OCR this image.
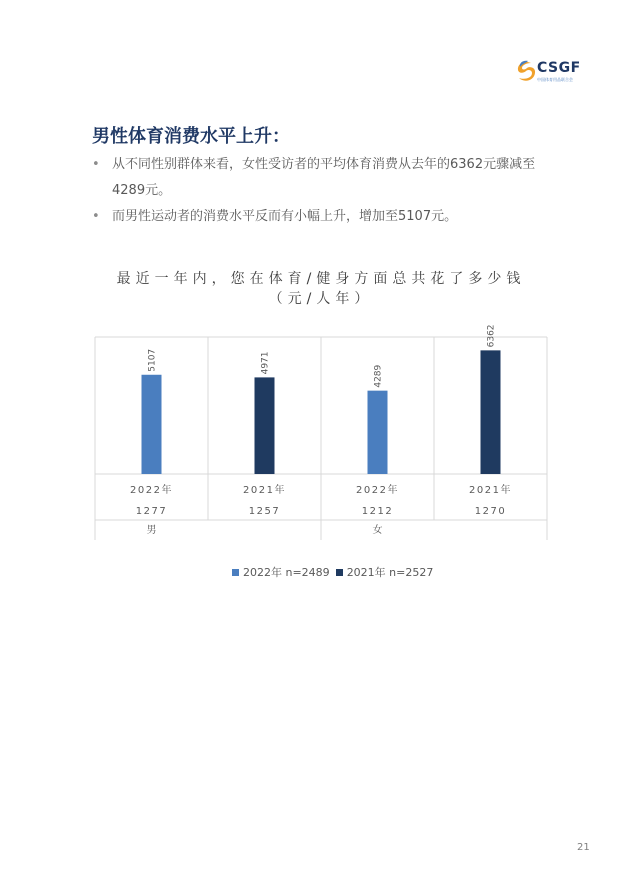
CSGF
中国体育用品联合会
男性体育消费水平上升：
• 从不同性别群体来看，女性受访者的平均体育消费从去年的6362元骤减至
4289元。
• 而男性运动者的消费水平反而有小幅上升，增加至5107元。
最近一年内，您在体育/健身方面总共花了多少钱
（元/人年）
5107
2022年
1277
4971
2021年
1257
4289
2022年
1212
6362
2021年
1270
男	女
2022年 n=2489 2021年 n=2527
21
